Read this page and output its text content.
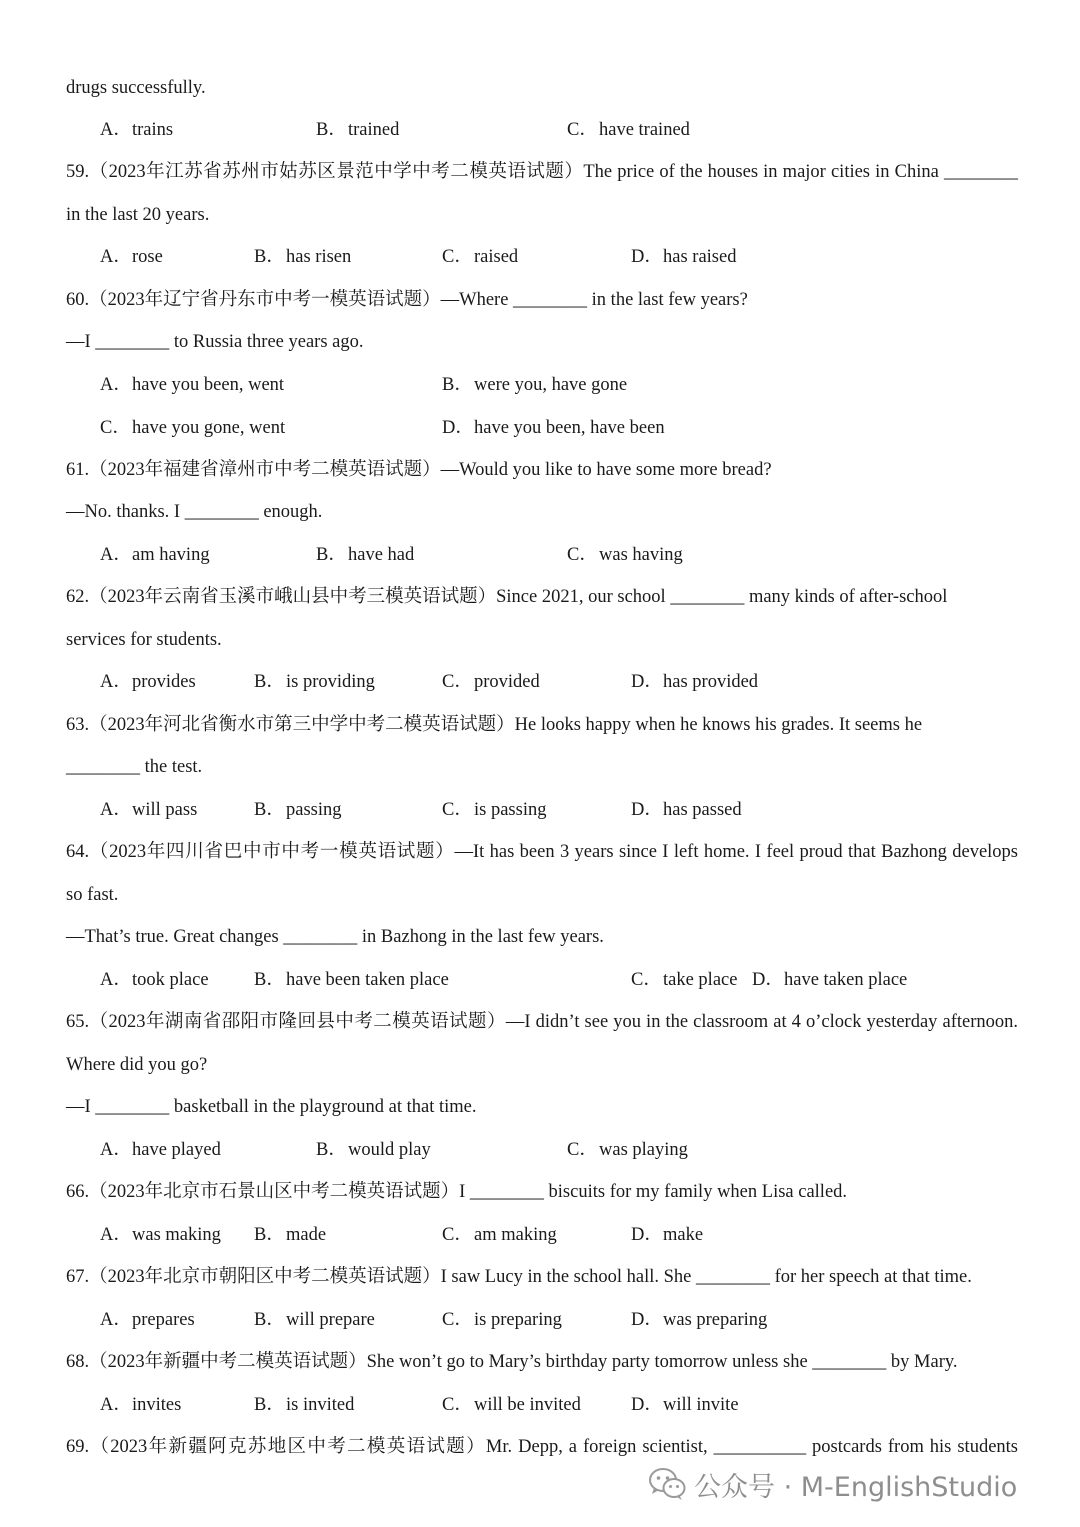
drugs successfully.
A．trains	B．trained	C．have trained
59.（2023年江苏省苏州市姑苏区景范中学中考二模英语试题）The price of the houses in major cities in China ________
in the last 20 years.
A．rose	B．has risen	C．raised	D．has raised
60.（2023年辽宁省丹东市中考一模英语试题）—Where ________ in the last few years?
—I ________ to Russia three years ago.
A．have you been, went	B．were you, have gone
C．have you gone, went	D．have you been, have been
61.（2023年福建省漳州市中考二模英语试题）—Would you like to have some more bread?
—No. thanks. I ________ enough.
A．am having	B．have had	C．was having
62.（2023年云南省玉溪市峨山县中考三模英语试题）Since 2021, our school ________ many kinds of after-school
services for students.
A．provides	B．is providing	C．provided	D．has provided
63.（2023年河北省衡水市第三中学中考二模英语试题）He looks happy when he knows his grades. It seems he
________ the test.
A．will pass	B．passing	C．is passing	D．has passed
64.（2023年四川省巴中市中考一模英语试题）—It has been 3 years since I left home. I feel proud that Bazhong develops
so fast.
—That’s true. Great changes ________ in Bazhong in the last few years.
A．took place B．have been taken place	C．take place D．have taken place
65.（2023年湖南省邵阳市隆回县中考二模英语试题）—I didn’t see you in the classroom at 4 o’clock yesterday afternoon.
Where did you go?
—I ________ basketball in the playground at that time.
A．have played	B．would play	C．was playing
66.（2023年北京市石景山区中考二模英语试题）I ________ biscuits for my family when Lisa called.
A．was making B．made	C．am making	D．make
67.（2023年北京市朝阳区中考二模英语试题）I saw Lucy in the school hall. She ________ for her speech at that time.
A．prepares	B．will prepare	C．is preparing	D．was preparing
68.（2023年新疆中考二模英语试题）She won’t go to Mary’s birthday party tomorrow unless she ________ by Mary.
A．invites	B．is invited	C．will be invited	D．will invite
69.（2023年新疆阿克苏地区中考二模英语试题）Mr. Depp, a foreign scientist, __________ postcards from his students
公众号 · M-EnglishStudio
